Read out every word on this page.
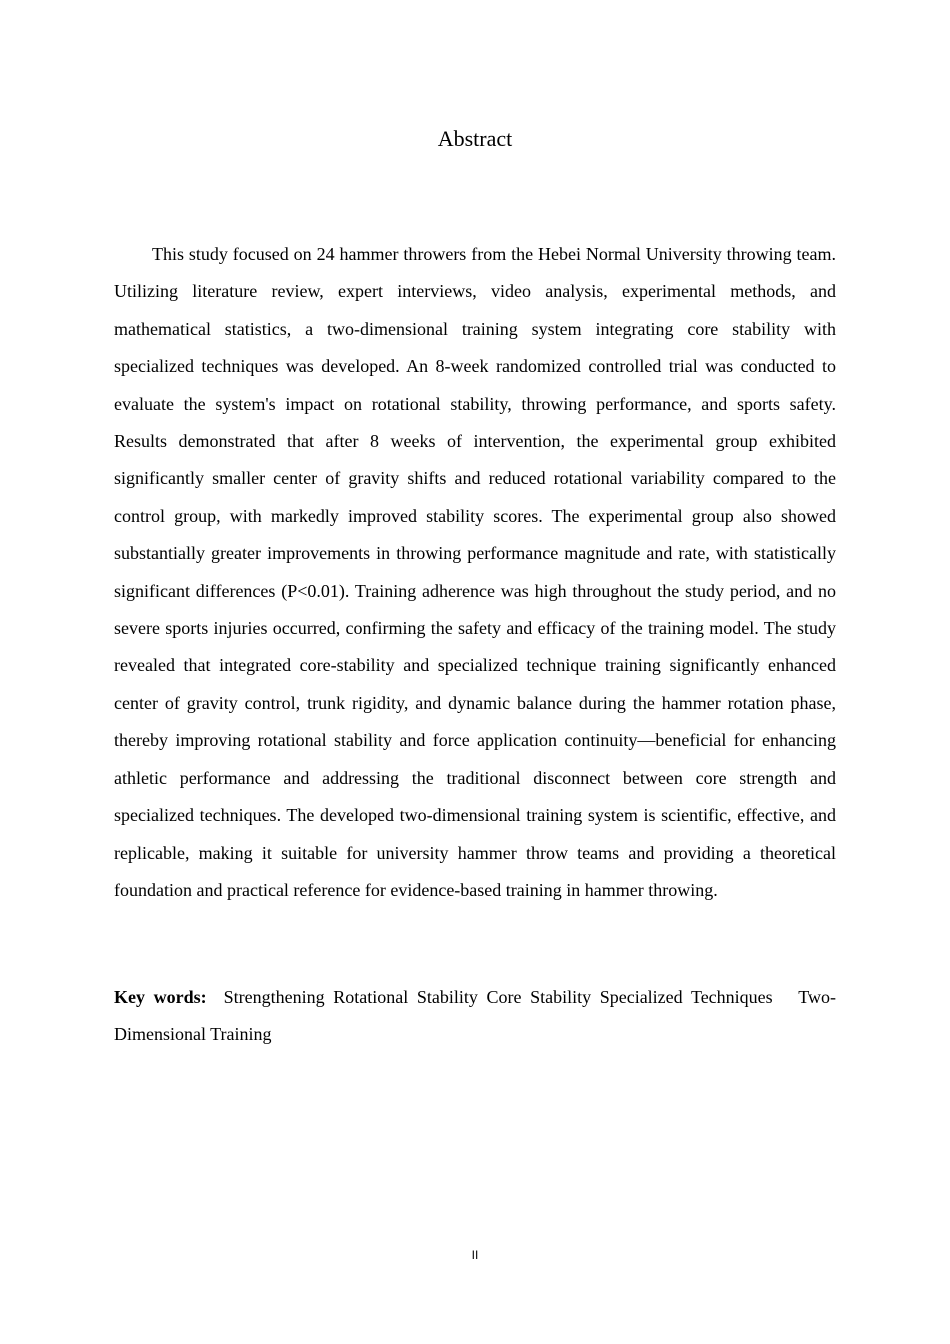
Abstract

This study focused on 24 hammer throwers from the Hebei Normal University throwing team. Utilizing literature review, expert interviews, video analysis, experimental methods, and mathematical statistics, a two-dimensional training system integrating core stability with specialized techniques was developed. An 8-week randomized controlled trial was conducted to evaluate the system's impact on rotational stability, throwing performance, and sports safety. Results demonstrated that after 8 weeks of intervention, the experimental group exhibited significantly smaller center of gravity shifts and reduced rotational variability compared to the control group, with markedly improved stability scores. The experimental group also showed substantially greater improvements in throwing performance magnitude and rate, with statistically significant differences (P<0.01). Training adherence was high throughout the study period, and no severe sports injuries occurred, confirming the safety and efficacy of the training model. The study revealed that integrated core-stability and specialized technique training significantly enhanced center of gravity control, trunk rigidity, and dynamic balance during the hammer rotation phase, thereby improving rotational stability and force application continuity—beneficial for enhancing athletic performance and addressing the traditional disconnect between core strength and specialized techniques. The developed two-dimensional training system is scientific, effective, and replicable, making it suitable for university hammer throw teams and providing a theoretical foundation and practical reference for evidence-based training in hammer throwing.

Key words: Strengthening Rotational Stability Core Stability Specialized Techniques Two-Dimensional Training

II
